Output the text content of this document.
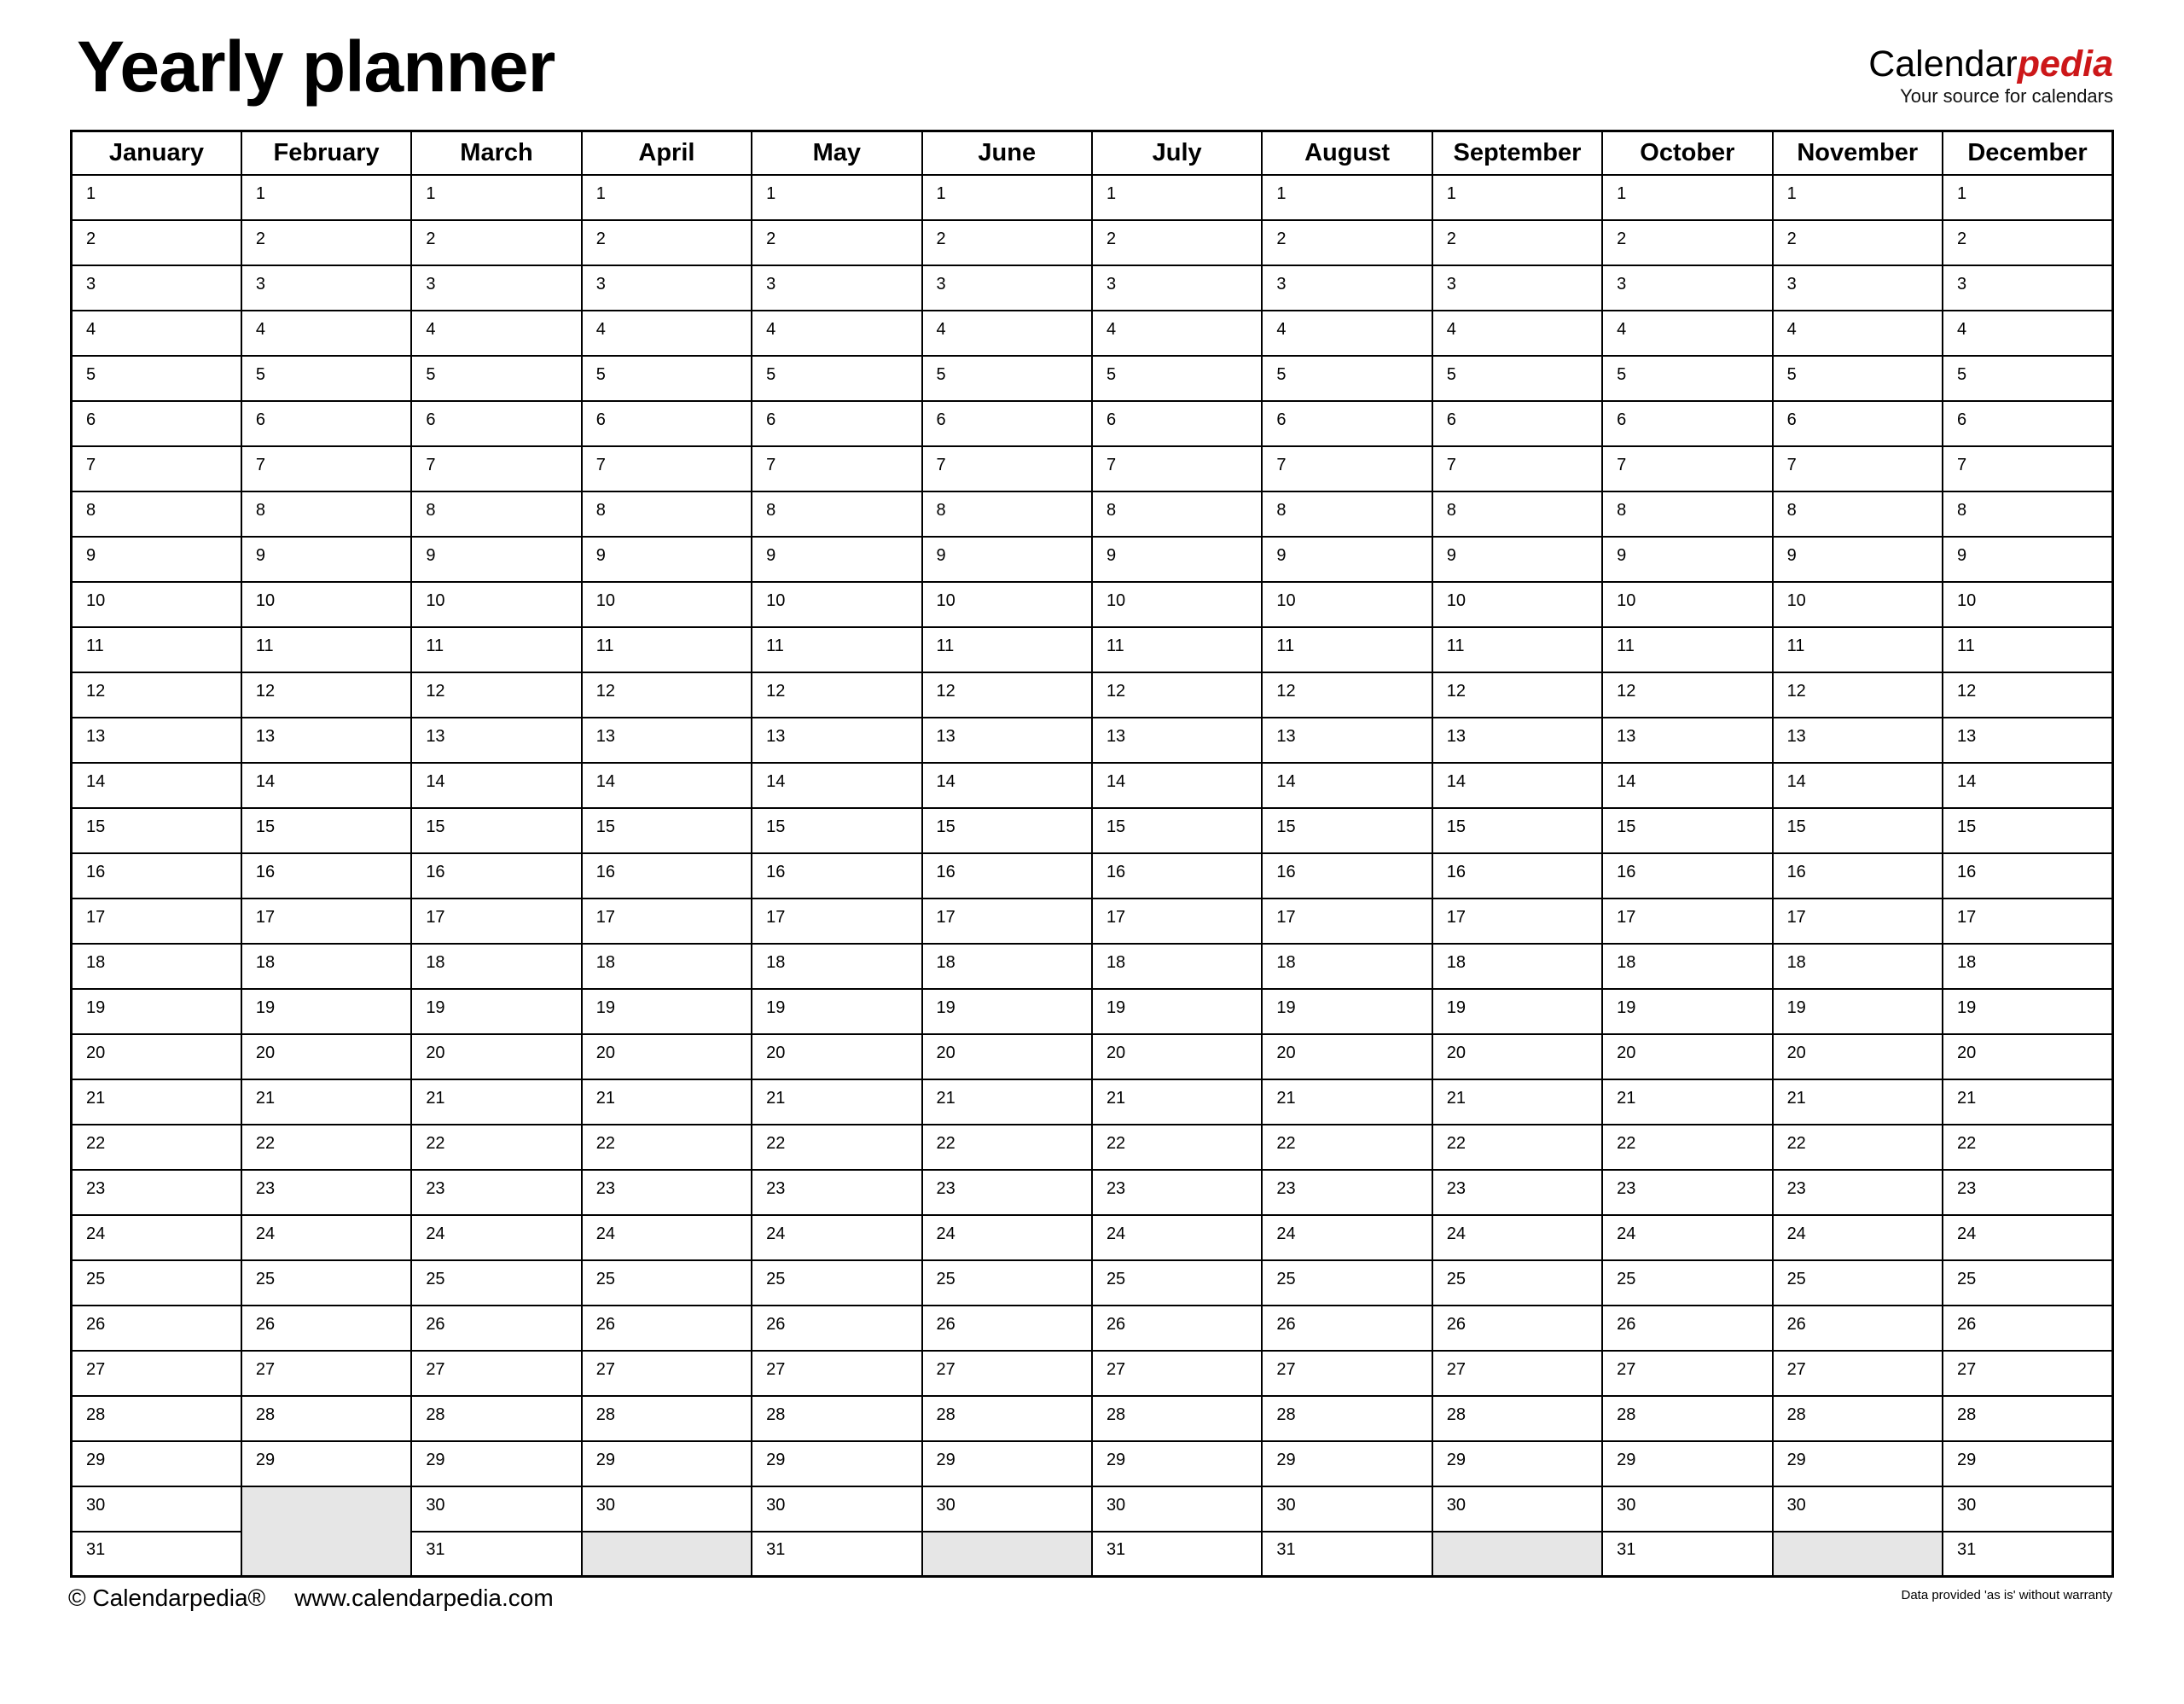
Yearly planner	Calendarpedia
Your source for calendars
January	February	March	April	May	June	July	August	September	October	November	December
1	1	1	1	1	1	1	1	1	1	1	1
2	2	2	2	2	2	2	2	2	2	2	2
3	3	3	3	3	3	3	3	3	3	3	3
4	4	4	4	4	4	4	4	4	4	4	4
5	5	5	5	5	5	5	5	5	5	5	5
6	6	6	6	6	6	6	6	6	6	6	6
7	7	7	7	7	7	7	7	7	7	7	7
8	8	8	8	8	8	8	8	8	8	8	8
9	9	9	9	9	9	9	9	9	9	9	9
10	10	10	10	10	10	10	10	10	10	10	10
11	11	11	11	11	11	11	11	11	11	11	11
12	12	12	12	12	12	12	12	12	12	12	12
13	13	13	13	13	13	13	13	13	13	13	13
14	14	14	14	14	14	14	14	14	14	14	14
15	15	15	15	15	15	15	15	15	15	15	15
16	16	16	16	16	16	16	16	16	16	16	16
17	17	17	17	17	17	17	17	17	17	17	17
18	18	18	18	18	18	18	18	18	18	18	18
19	19	19	19	19	19	19	19	19	19	19	19
20	20	20	20	20	20	20	20	20	20	20	20
21	21	21	21	21	21	21	21	21	21	21	21
22	22	22	22	22	22	22	22	22	22	22	22
23	23	23	23	23	23	23	23	23	23	23	23
24	24	24	24	24	24	24	24	24	24	24	24
25	25	25	25	25	25	25	25	25	25	25	25
26	26	26	26	26	26	26	26	26	26	26	26
27	27	27	27	27	27	27	27	27	27	27	27
28	28	28	28	28	28	28	28	28	28	28	28
29	29	29	29	29	29	29	29	29	29	29	29
30		30	30	30	30	30	30	30	30	30	30
31		31		31		31	31		31		31
© Calendarpedia® www.calendarpedia.com	Data provided 'as is' without warranty
